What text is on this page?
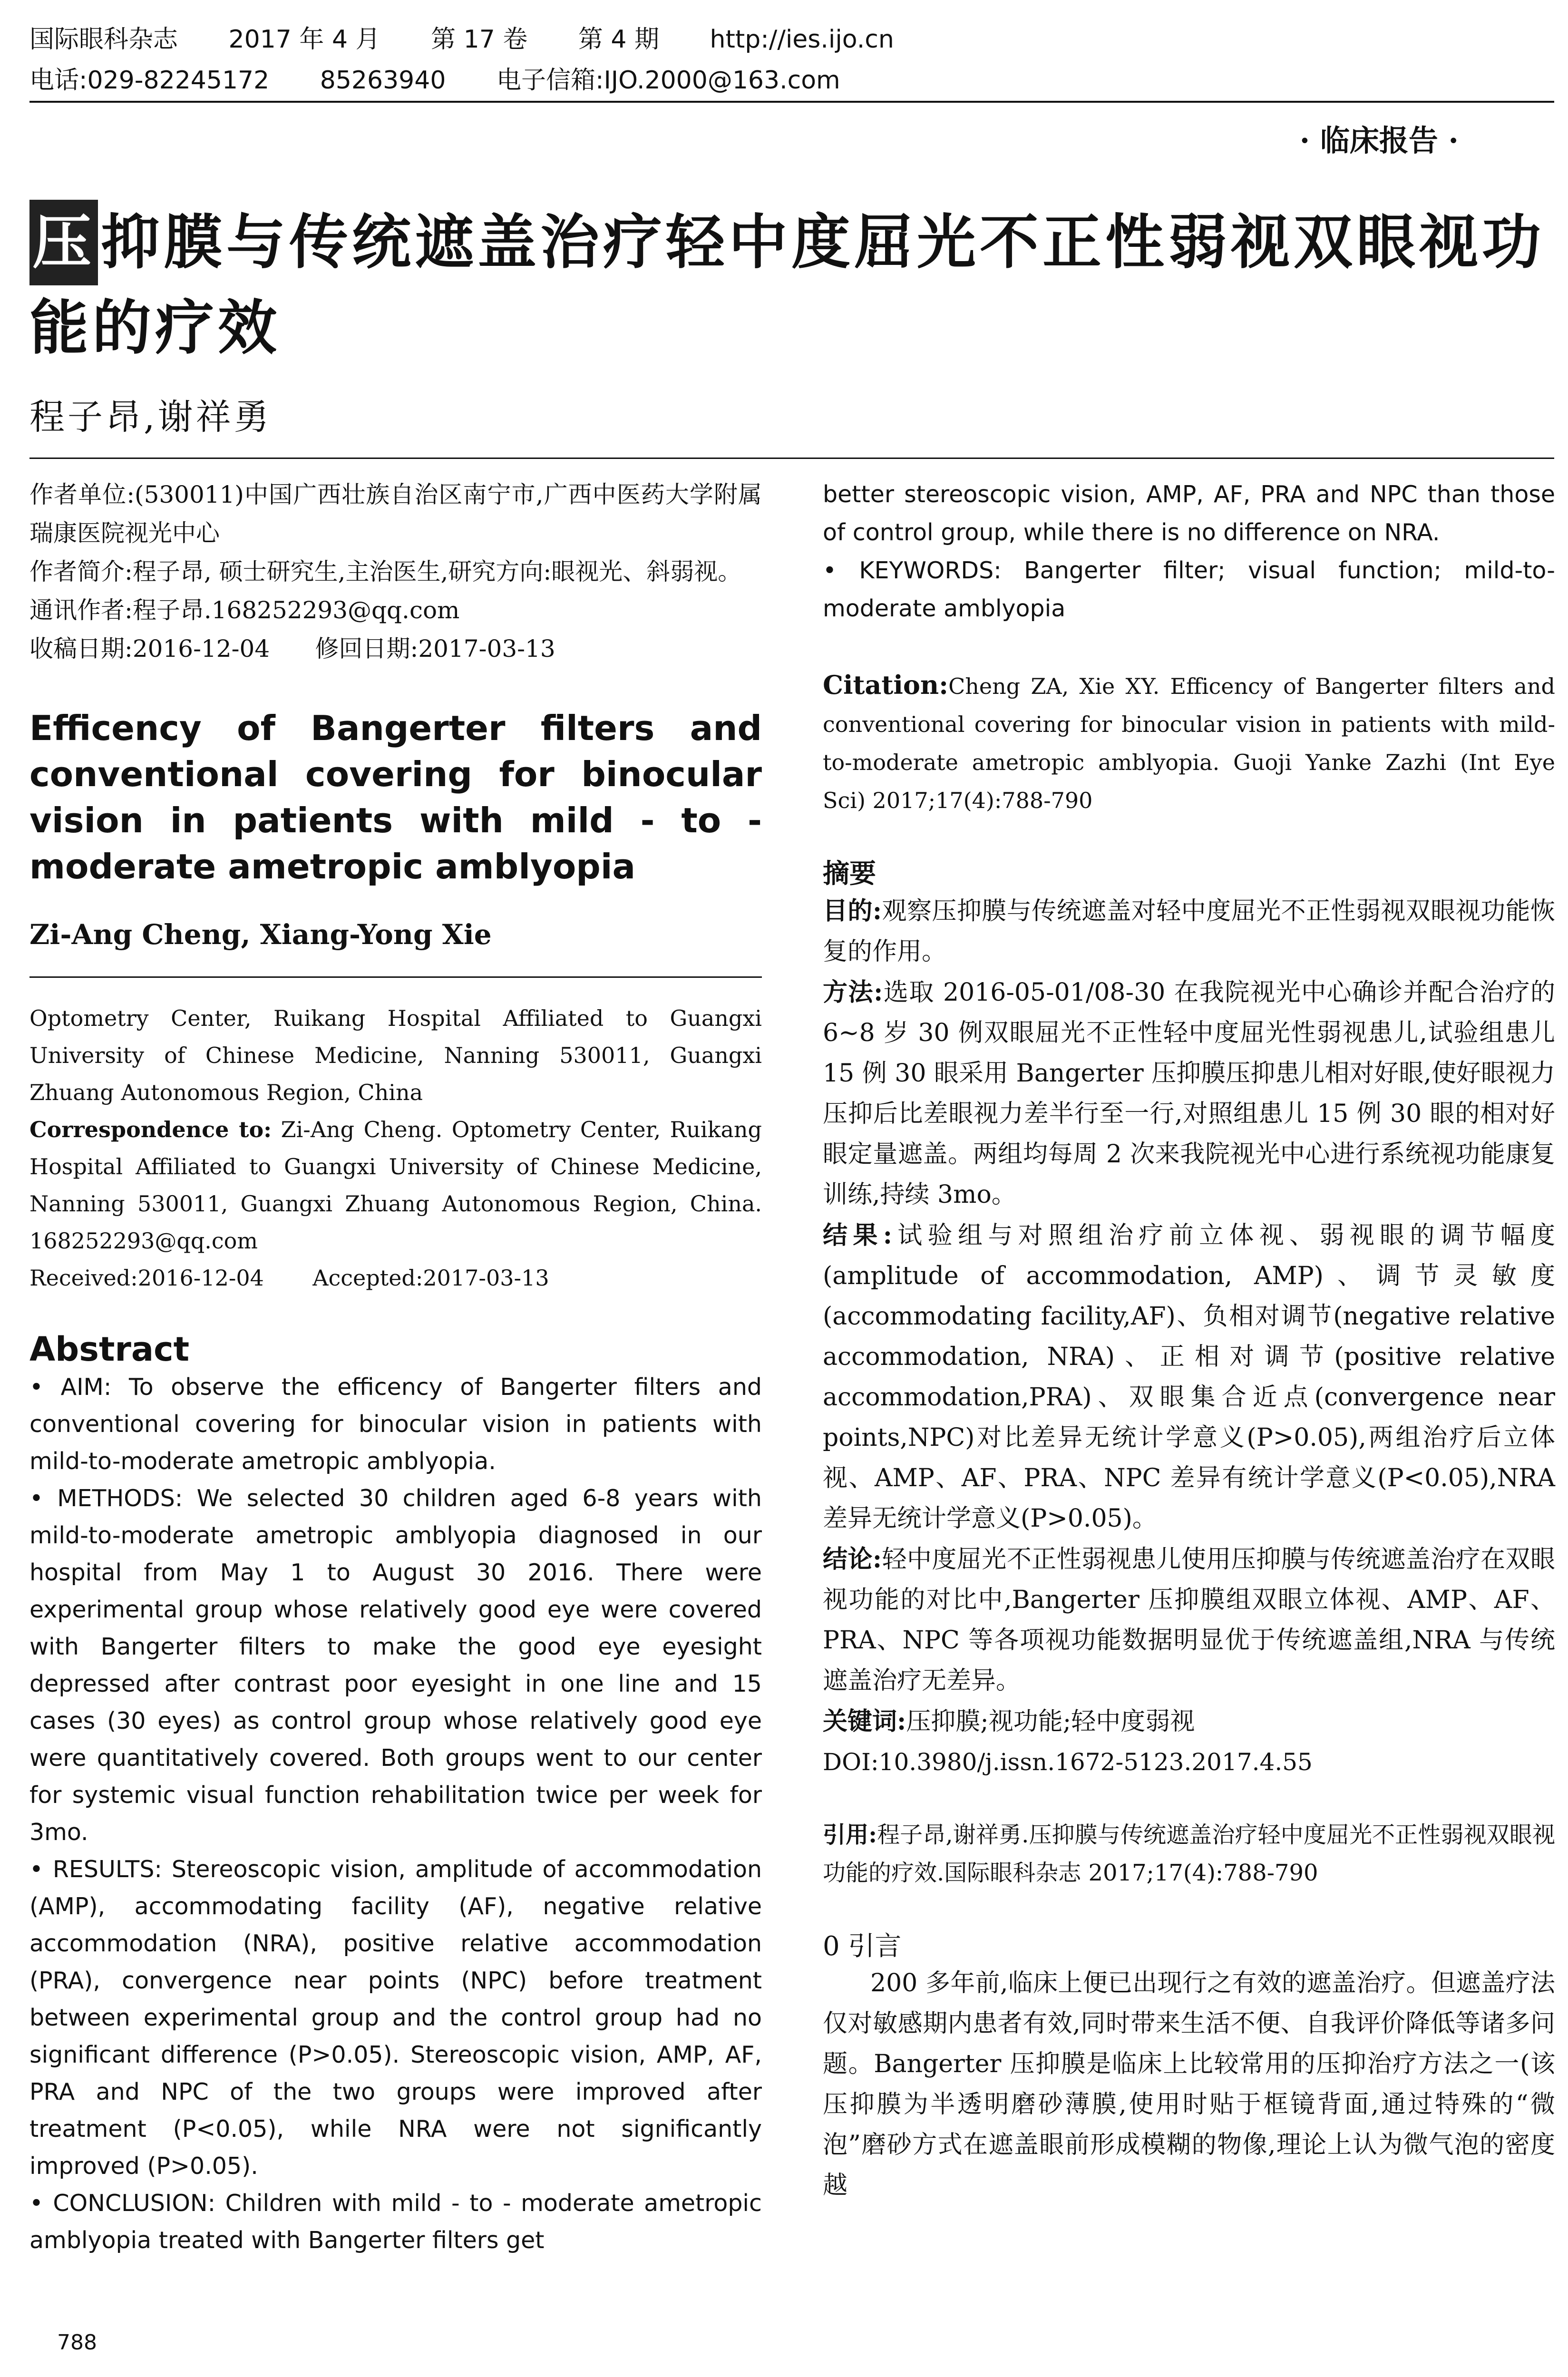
国际眼科杂志 2017 年 4 月 第 17 卷 第 4 期 http://ies.ijo.cn
电话:029-82245172 85263940 电子信箱:IJO.2000@163.com
· 临床报告 ·
压抑膜与传统遮盖治疗轻中度屈光不正性弱视双眼视功能的疗效
程子昂,谢祥勇

作者单位:(530011)中国广西壮族自治区南宁市,广西中医药大学附属瑞康医院视光中心

作者简介:程子昂, 硕士研究生,主治医生,研究方向:眼视光、斜弱视。

通讯作者:程子昂.168252293@qq.com

收稿日期:2016-12-04 修回日期:2017-03-13

Efficency of Bangerter filters and conventional covering for binocular vision in patients with mild - to - moderate ametropic amblyopia

Zi-Ang Cheng, Xiang-Yong Xie

Optometry Center, Ruikang Hospital Affiliated to Guangxi University of Chinese Medicine, Nanning 530011, Guangxi Zhuang Autonomous Region, China

Correspondence to: Zi-Ang Cheng. Optometry Center, Ruikang Hospital Affiliated to Guangxi University of Chinese Medicine, Nanning 530011, Guangxi Zhuang Autonomous Region, China. 168252293@qq.com

Received:2016-12-04 Accepted:2017-03-13

Abstract

• AIM: To observe the efficency of Bangerter filters and conventional covering for binocular vision in patients with mild-to-moderate ametropic amblyopia.

• METHODS: We selected 30 children aged 6-8 years with mild-to-moderate ametropic amblyopia diagnosed in our hospital from May 1 to August 30 2016. There were experimental group whose relatively good eye were covered with Bangerter filters to make the good eye eyesight depressed after contrast poor eyesight in one line and 15 cases (30 eyes) as control group whose relatively good eye were quantitatively covered. Both groups went to our center for systemic visual function rehabilitation twice per week for 3mo.

• RESULTS: Stereoscopic vision, amplitude of accommodation (AMP), accommodating facility (AF), negative relative accommodation (NRA), positive relative accommodation (PRA), convergence near points (NPC) before treatment between experimental group and the control group had no significant difference (P>0.05). Stereoscopic vision, AMP, AF, PRA and NPC of the two groups were improved after treatment (P<0.05), while NRA were not significantly improved (P>0.05).

• CONCLUSION: Children with mild - to - moderate ametropic amblyopia treated with Bangerter filters get

better stereoscopic vision, AMP, AF, PRA and NPC than those of control group, while there is no difference on NRA.

• KEYWORDS: Bangerter filter; visual function; mild-to-moderate amblyopia

Citation:Cheng ZA, Xie XY. Efficency of Bangerter filters and conventional covering for binocular vision in patients with mild-to-moderate ametropic amblyopia. Guoji Yanke Zazhi (Int Eye Sci) 2017;17(4):788-790

摘要

目的:观察压抑膜与传统遮盖对轻中度屈光不正性弱视双眼视功能恢复的作用。

方法:选取 2016-05-01/08-30 在我院视光中心确诊并配合治疗的 6~8 岁 30 例双眼屈光不正性轻中度屈光性弱视患儿,试验组患儿 15 例 30 眼采用 Bangerter 压抑膜压抑患儿相对好眼,使好眼视力压抑后比差眼视力差半行至一行,对照组患儿 15 例 30 眼的相对好眼定量遮盖。两组均每周 2 次来我院视光中心进行系统视功能康复训练,持续 3mo。

结果:试验组与对照组治疗前立体视、弱视眼的调节幅度(amplitude of accommodation, AMP)、调节灵敏度(accommodating facility,AF)、负相对调节(negative relative accommodation, NRA)、正相对调节(positive relative accommodation,PRA)、双眼集合近点(convergence near points,NPC)对比差异无统计学意义(P>0.05),两组治疗后立体视、AMP、AF、PRA、NPC 差异有统计学意义(P<0.05),NRA 差异无统计学意义(P>0.05)。

结论:轻中度屈光不正性弱视患儿使用压抑膜与传统遮盖治疗在双眼视功能的对比中,Bangerter 压抑膜组双眼立体视、AMP、AF、PRA、NPC 等各项视功能数据明显优于传统遮盖组,NRA 与传统遮盖治疗无差异。

关键词:压抑膜;视功能;轻中度弱视

DOI:10.3980/j.issn.1672-5123.2017.4.55

引用:程子昂,谢祥勇.压抑膜与传统遮盖治疗轻中度屈光不正性弱视双眼视功能的疗效.国际眼科杂志 2017;17(4):788-790

0 引言

200 多年前,临床上便已出现行之有效的遮盖治疗。但遮盖疗法仅对敏感期内患者有效,同时带来生活不便、自我评价降低等诸多问题。Bangerter 压抑膜是临床上比较常用的压抑治疗方法之一(该压抑膜为半透明磨砂薄膜,使用时贴于框镜背面,通过特殊的“微泡”磨砂方式在遮盖眼前形成模糊的物像,理论上认为微气泡的密度越

788
